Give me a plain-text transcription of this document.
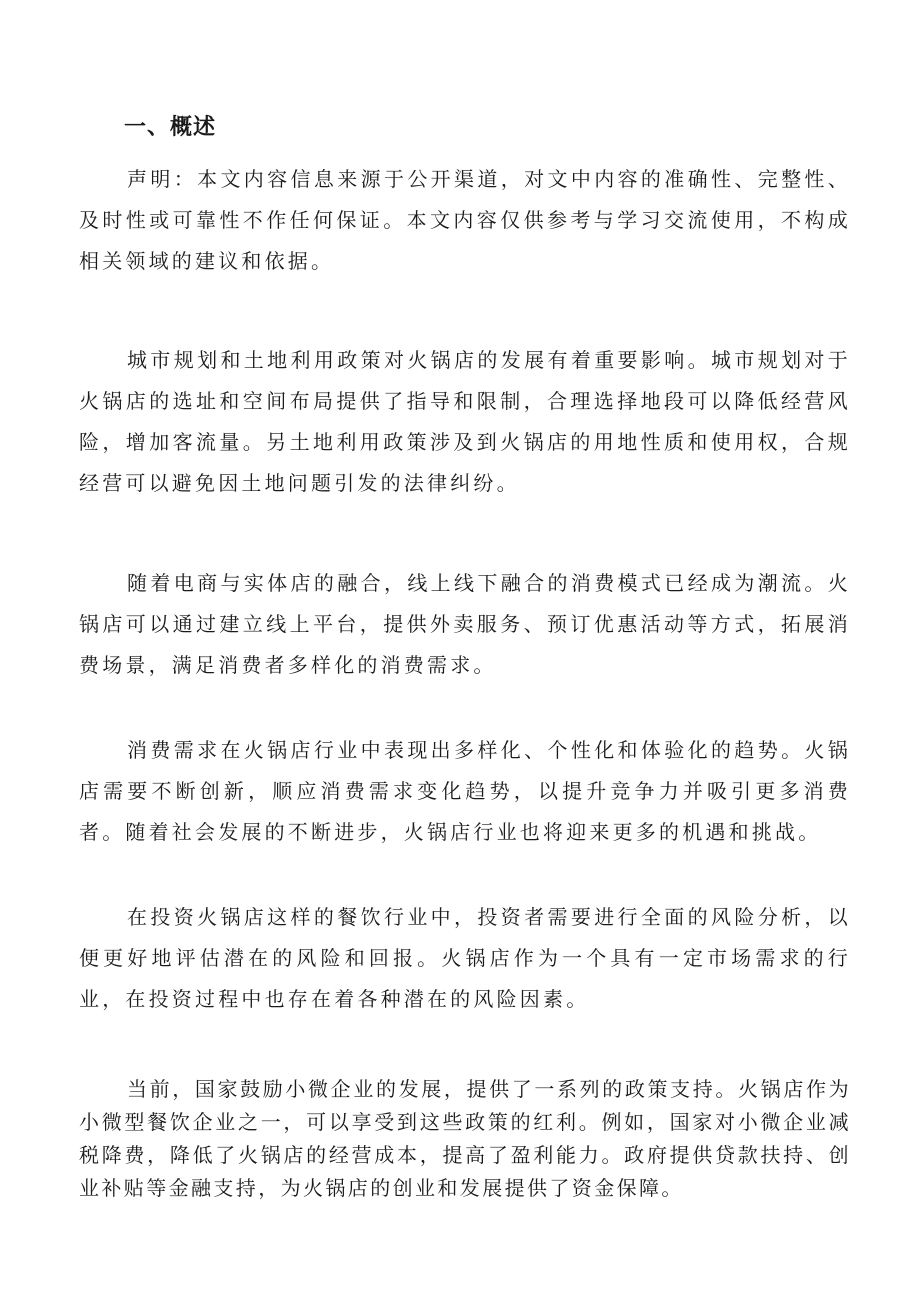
一、概述

声明：本文内容信息来源于公开渠道，对文中内容的准确性、完整性、及时性或可靠性不作任何保证。本文内容仅供参考与学习交流使用，不构成相关领域的建议和依据。

城市规划和土地利用政策对火锅店的发展有着重要影响。城市规划对于火锅店的选址和空间布局提供了指导和限制，合理选择地段可以降低经营风险，增加客流量。另土地利用政策涉及到火锅店的用地性质和使用权，合规经营可以避免因土地问题引发的法律纠纷。

随着电商与实体店的融合，线上线下融合的消费模式已经成为潮流。火锅店可以通过建立线上平台，提供外卖服务、预订优惠活动等方式，拓展消费场景，满足消费者多样化的消费需求。

消费需求在火锅店行业中表现出多样化、个性化和体验化的趋势。火锅店需要不断创新，顺应消费需求变化趋势，以提升竞争力并吸引更多消费者。随着社会发展的不断进步，火锅店行业也将迎来更多的机遇和挑战。

在投资火锅店这样的餐饮行业中，投资者需要进行全面的风险分析，以便更好地评估潜在的风险和回报。火锅店作为一个具有一定市场需求的行业，在投资过程中也存在着各种潜在的风险因素。

当前，国家鼓励小微企业的发展，提供了一系列的政策支持。火锅店作为小微型餐饮企业之一，可以享受到这些政策的红利。例如，国家对小微企业减税降费，降低了火锅店的经营成本，提高了盈利能力。政府提供贷款扶持、创业补贴等金融支持，为火锅店的创业和发展提供了资金保障。
